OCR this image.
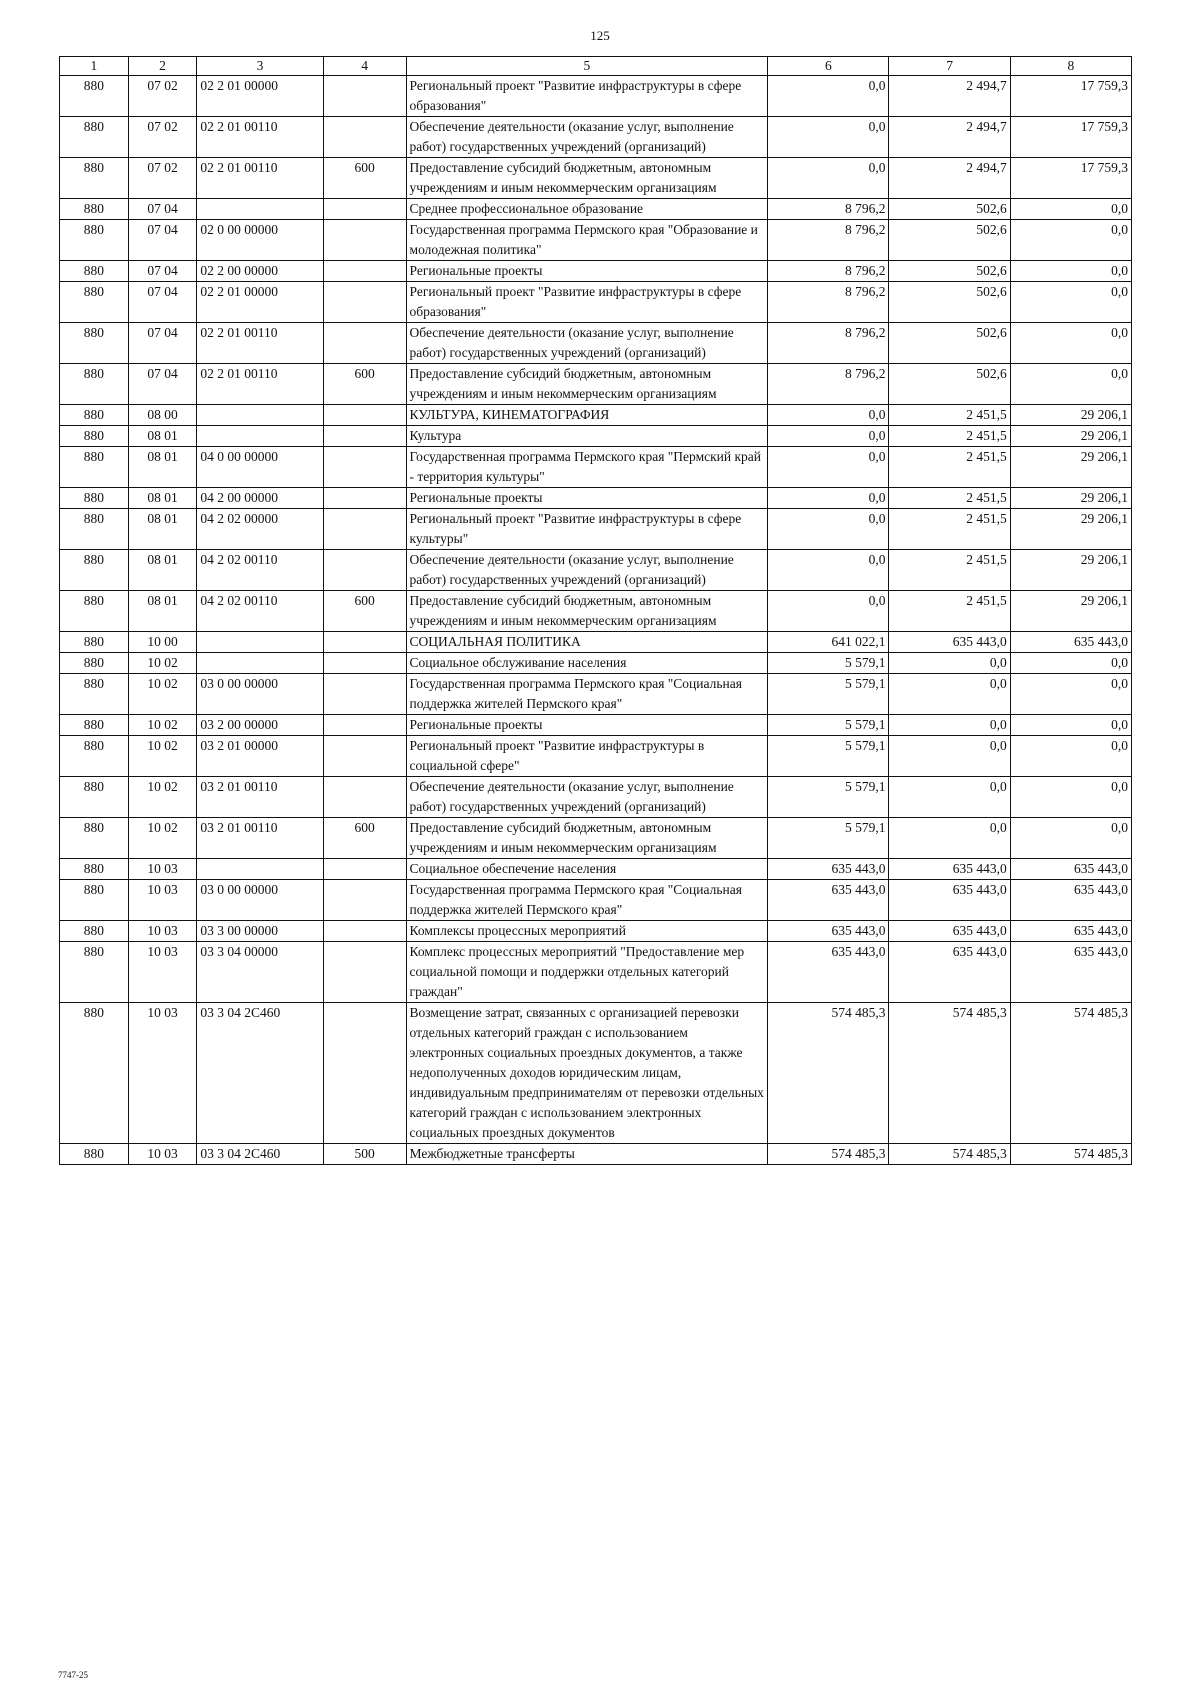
125
1	2	3	4	5	6	7	8
880	07 02	02 2 01 00000		Региональный проект "Развитие инфраструктуры в сфере образования"	0,0	2 494,7	17 759,3
880	07 02	02 2 01 00110		Обеспечение деятельности (оказание услуг, выполнение работ) государственных учреждений (организаций)	0,0	2 494,7	17 759,3
880	07 02	02 2 01 00110	600	Предоставление субсидий бюджетным, автономным учреждениям и иным некоммерческим организациям	0,0	2 494,7	17 759,3
880	07 04			Среднее профессиональное образование	8 796,2	502,6	0,0
880	07 04	02 0 00 00000		Государственная программа Пермского края "Образование и молодежная политика"	8 796,2	502,6	0,0
880	07 04	02 2 00 00000		Региональные проекты	8 796,2	502,6	0,0
880	07 04	02 2 01 00000		Региональный проект "Развитие инфраструктуры в сфере образования"	8 796,2	502,6	0,0
880	07 04	02 2 01 00110		Обеспечение деятельности (оказание услуг, выполнение работ) государственных учреждений (организаций)	8 796,2	502,6	0,0
880	07 04	02 2 01 00110	600	Предоставление субсидий бюджетным, автономным учреждениям и иным некоммерческим организациям	8 796,2	502,6	0,0
880	08 00			КУЛЬТУРА, КИНЕМАТОГРАФИЯ	0,0	2 451,5	29 206,1
880	08 01			Культура	0,0	2 451,5	29 206,1
880	08 01	04 0 00 00000		Государственная программа Пермского края "Пермский край - территория культуры"	0,0	2 451,5	29 206,1
880	08 01	04 2 00 00000		Региональные проекты	0,0	2 451,5	29 206,1
880	08 01	04 2 02 00000		Региональный проект "Развитие инфраструктуры в сфере культуры"	0,0	2 451,5	29 206,1
880	08 01	04 2 02 00110		Обеспечение деятельности (оказание услуг, выполнение работ) государственных учреждений (организаций)	0,0	2 451,5	29 206,1
880	08 01	04 2 02 00110	600	Предоставление субсидий бюджетным, автономным учреждениям и иным некоммерческим организациям	0,0	2 451,5	29 206,1
880	10 00			СОЦИАЛЬНАЯ ПОЛИТИКА	641 022,1	635 443,0	635 443,0
880	10 02			Социальное обслуживание населения	5 579,1	0,0	0,0
880	10 02	03 0 00 00000		Государственная программа Пермского края "Социальная поддержка жителей Пермского края"	5 579,1	0,0	0,0
880	10 02	03 2 00 00000		Региональные проекты	5 579,1	0,0	0,0
880	10 02	03 2 01 00000		Региональный проект "Развитие инфраструктуры в социальной сфере"	5 579,1	0,0	0,0
880	10 02	03 2 01 00110		Обеспечение деятельности (оказание услуг, выполнение работ) государственных учреждений (организаций)	5 579,1	0,0	0,0
880	10 02	03 2 01 00110	600	Предоставление субсидий бюджетным, автономным учреждениям и иным некоммерческим организациям	5 579,1	0,0	0,0
880	10 03			Социальное обеспечение населения	635 443,0	635 443,0	635 443,0
880	10 03	03 0 00 00000		Государственная программа Пермского края "Социальная поддержка жителей Пермского края"	635 443,0	635 443,0	635 443,0
880	10 03	03 3 00 00000		Комплексы процессных мероприятий	635 443,0	635 443,0	635 443,0
880	10 03	03 3 04 00000		Комплекс процессных мероприятий "Предоставление мер социальной помощи и поддержки отдельных категорий граждан"	635 443,0	635 443,0	635 443,0
880	10 03	03 3 04 2С460		Возмещение затрат, связанных с организацией перевозки отдельных категорий граждан с использованием электронных социальных проездных документов, а также недополученных доходов юридическим лицам, индивидуальным предпринимателям от перевозки отдельных категорий граждан с использованием электронных социальных проездных документов	574 485,3	574 485,3	574 485,3
880	10 03	03 3 04 2С460	500	Межбюджетные трансферты	574 485,3	574 485,3	574 485,3
7747-25
